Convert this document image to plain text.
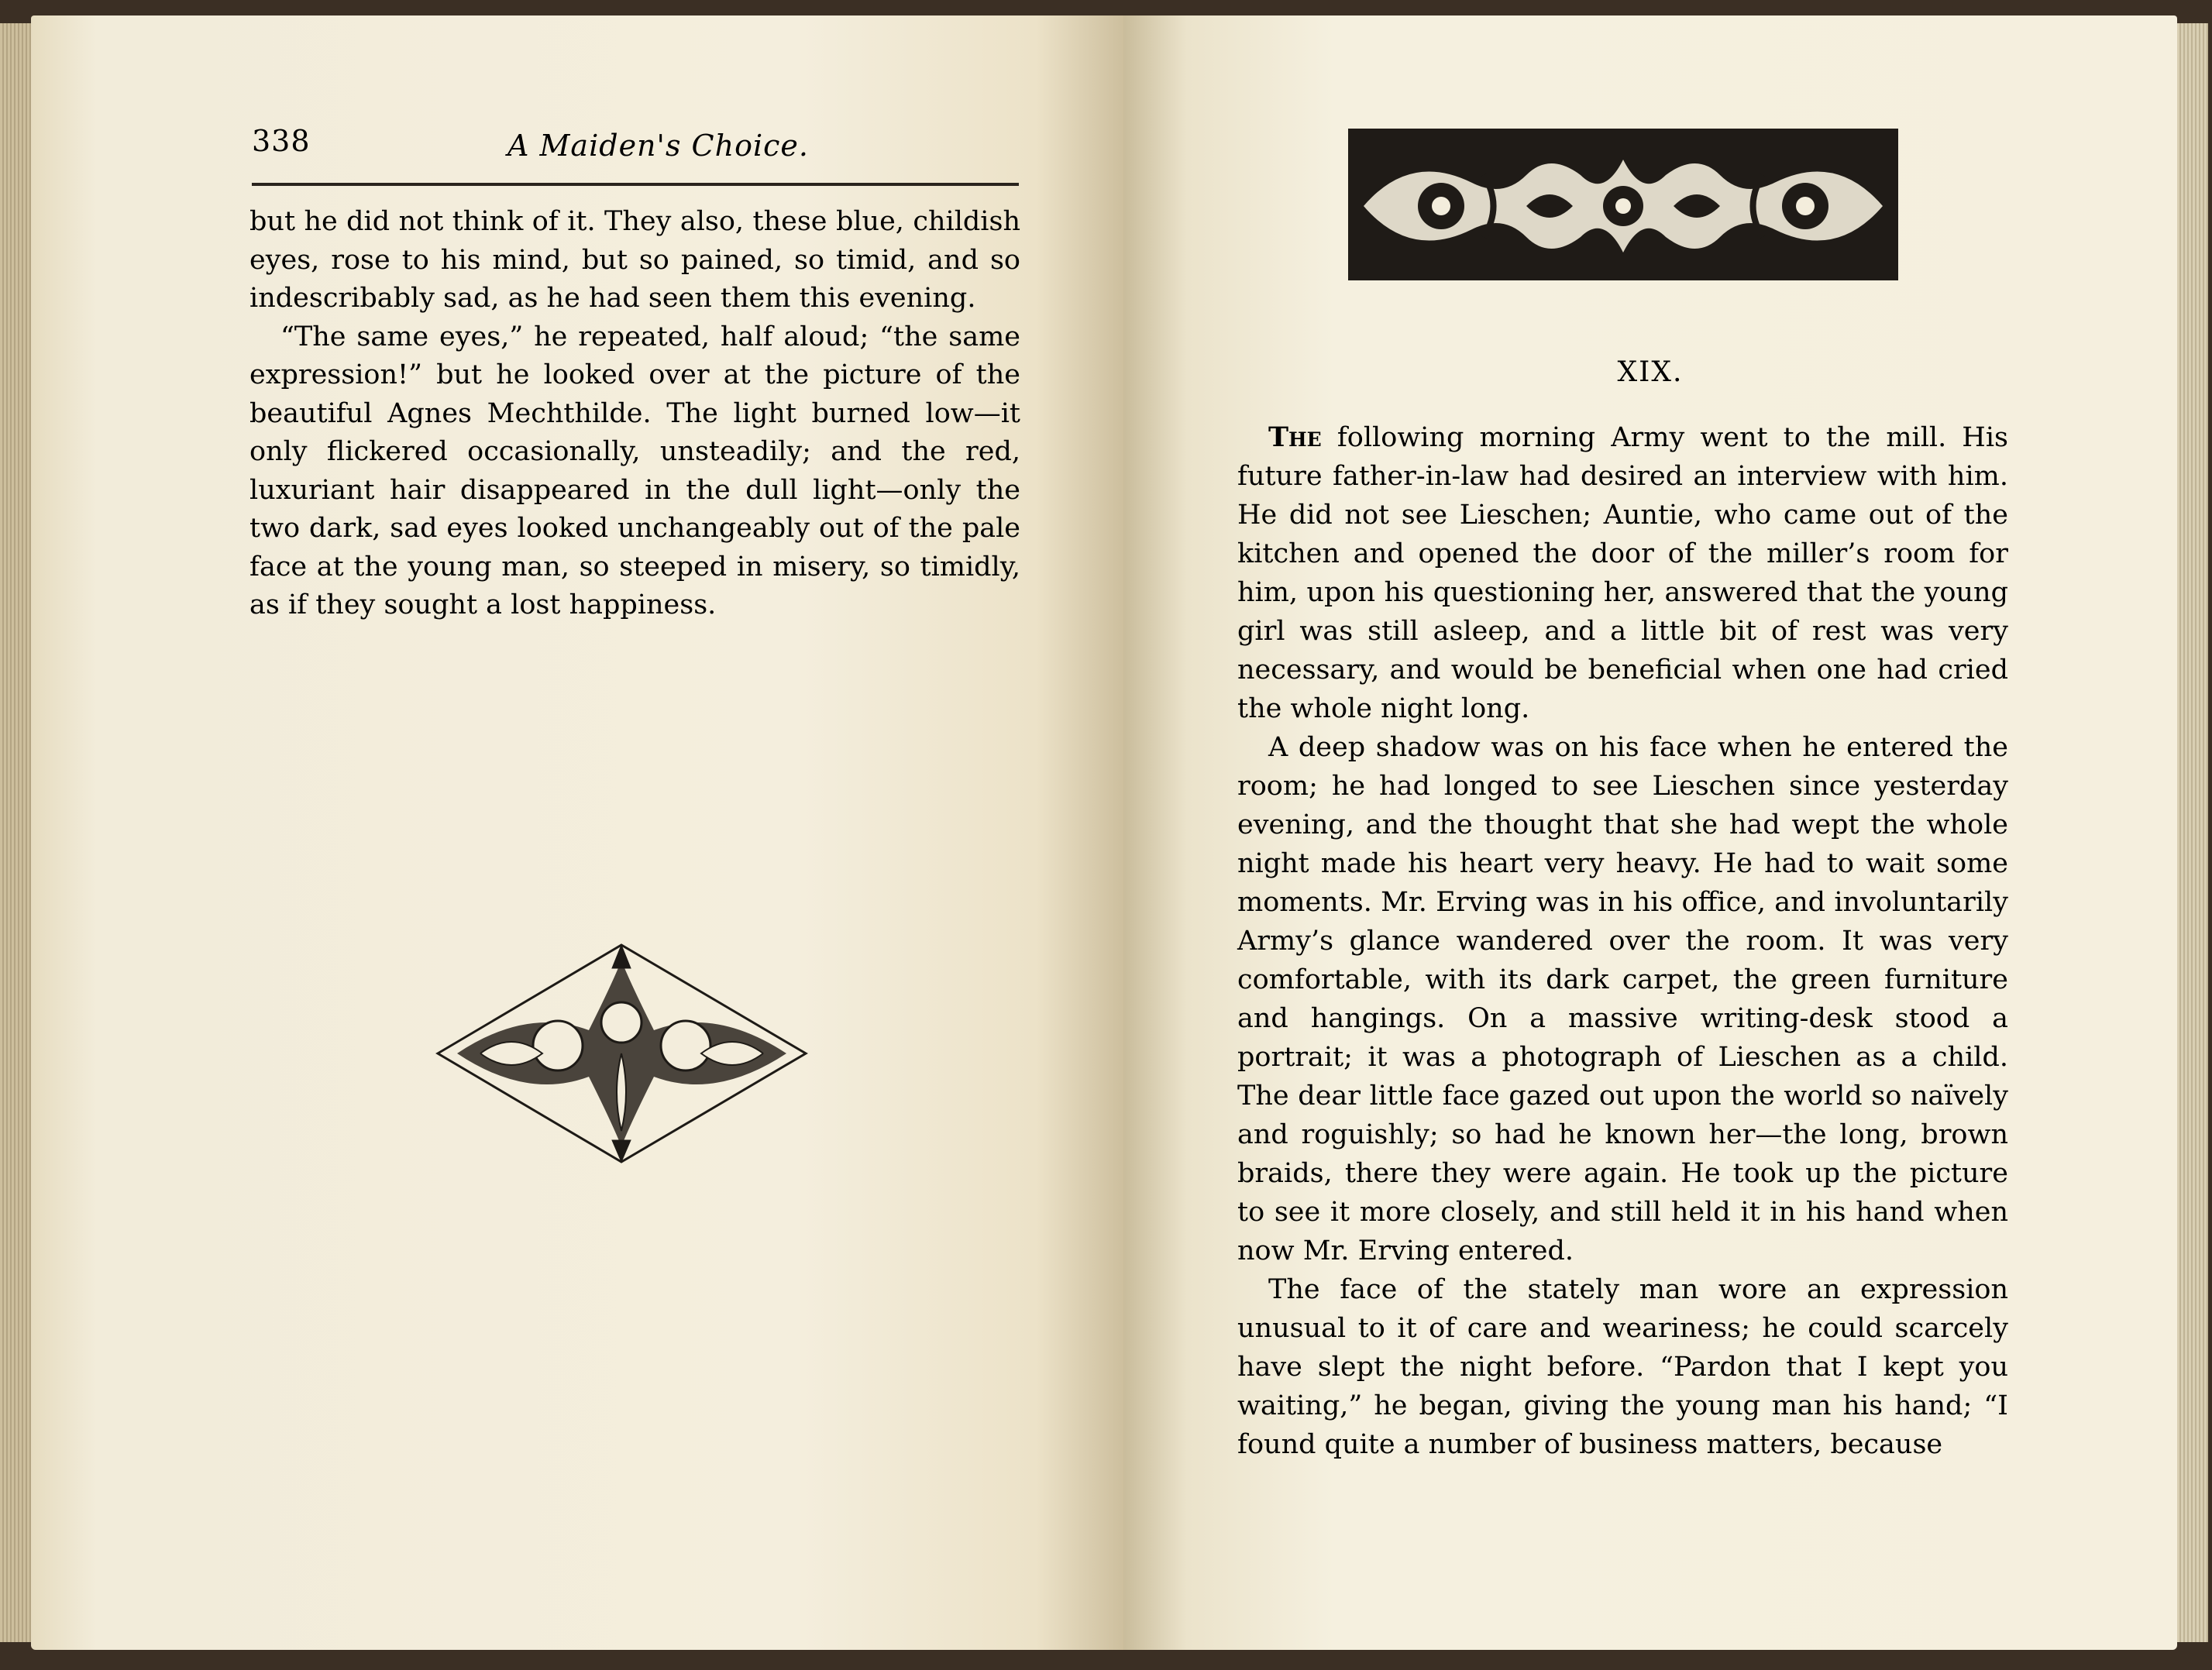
338	A Maiden's Choice.

but he did not think of it. They also, these blue, childish eyes, rose to his mind, but so pained, so timid, and so indescribably sad, as he had seen them this evening.

“The same eyes,” he repeated, half aloud; “the same expression!” but he looked over at the picture of the beautiful Agnes Mechthilde. The light burned low—it only flickered occasionally, unsteadily; and the red, luxuriant hair disappeared in the dull light—only the two dark, sad eyes looked unchangeably out of the pale face at the young man, so steeped in misery, so timidly, as if they sought a lost happiness.

XIX.

The following morning Army went to the mill. His future father-in-law had desired an interview with him. He did not see Lieschen; Auntie, who came out of the kitchen and opened the door of the miller’s room for him, upon his questioning her, answered that the young girl was still asleep, and a little bit of rest was very necessary, and would be beneficial when one had cried the whole night long.

A deep shadow was on his face when he entered the room; he had longed to see Lieschen since yesterday evening, and the thought that she had wept the whole night made his heart very heavy. He had to wait some moments. Mr. Erving was in his office, and involuntarily Army’s glance wandered over the room. It was very comfortable, with its dark carpet, the green furniture and hangings. On a massive writing-desk stood a portrait; it was a photograph of Lieschen as a child. The dear little face gazed out upon the world so naïvely and roguishly; so had he known her—the long, brown braids, there they were again. He took up the picture to see it more closely, and still held it in his hand when now Mr. Erving entered.

The face of the stately man wore an expression unusual to it of care and weariness; he could scarcely have slept the night before. “Pardon that I kept you waiting,” he began, giving the young man his hand; “I found quite a number of business matters, because
